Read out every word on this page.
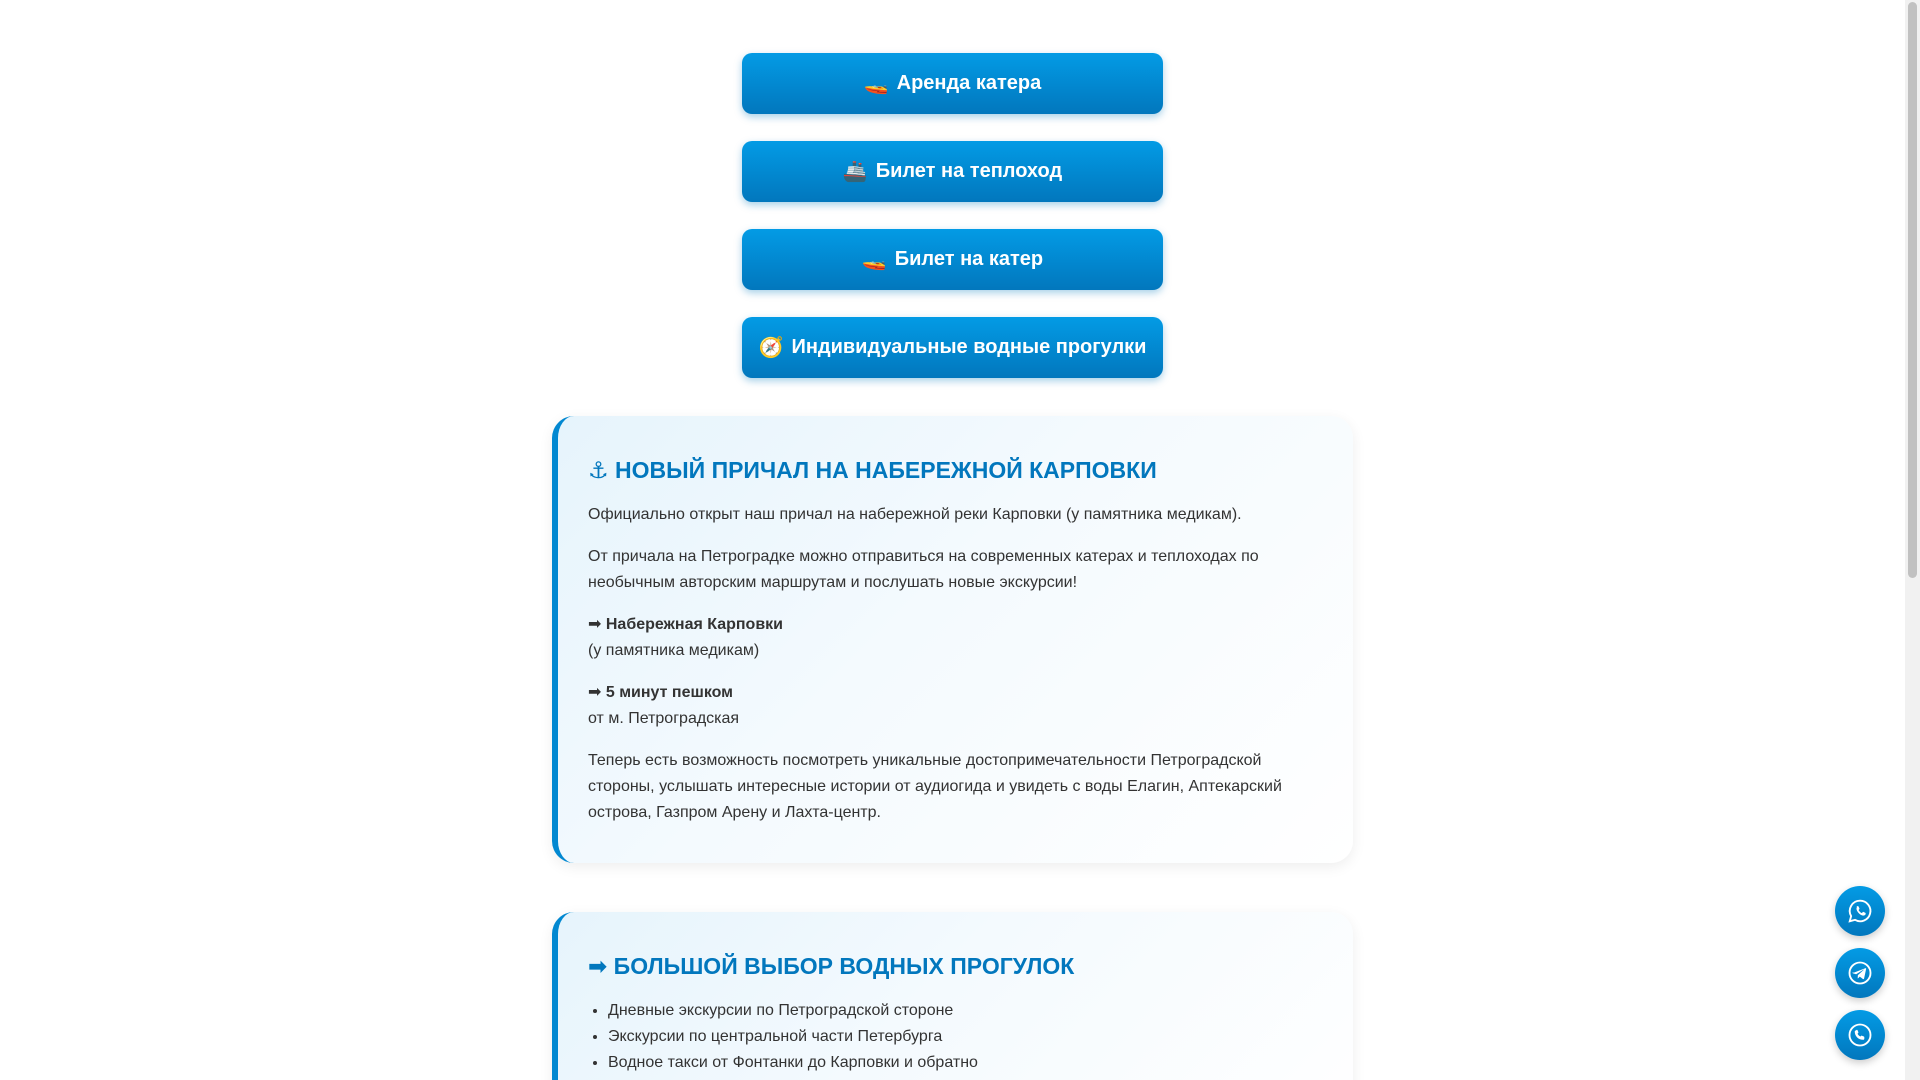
🚤 Аренда катера
🚢 Билет на теплоход
🚤 Билет на катер
🧭 Индивидуальные водные прогулки
⚓ НОВЫЙ ПРИЧАЛ НА НАБЕРЕЖНОЙ КАРПОВКИ

Официально открыт наш причал на набережной реки Карповки (у памятника медикам).

От причала на Петроградке можно отправиться на современных катерах и теплоходах по необычным авторским маршрутам и послушать новые экскурсии!

➡ Набережная Карповки
(у памятника медикам)

➡ 5 минут пешком
от м. Петроградская

Теперь есть возможность посмотреть уникальные достопримечательности Петроградской стороны, услышать интересные истории от аудиогида и увидеть с воды Елагин, Аптекарский острова, Газпром Арену и Лахта-центр.

➡ БОЛЬШОЙ ВЫБОР ВОДНЫХ ПРОГУЛОК
• Дневные экскурсии по Петроградской стороне
• Экскурсии по центральной части Петербурга
• Водное такси от Фонтанки до Карповки и обратно
